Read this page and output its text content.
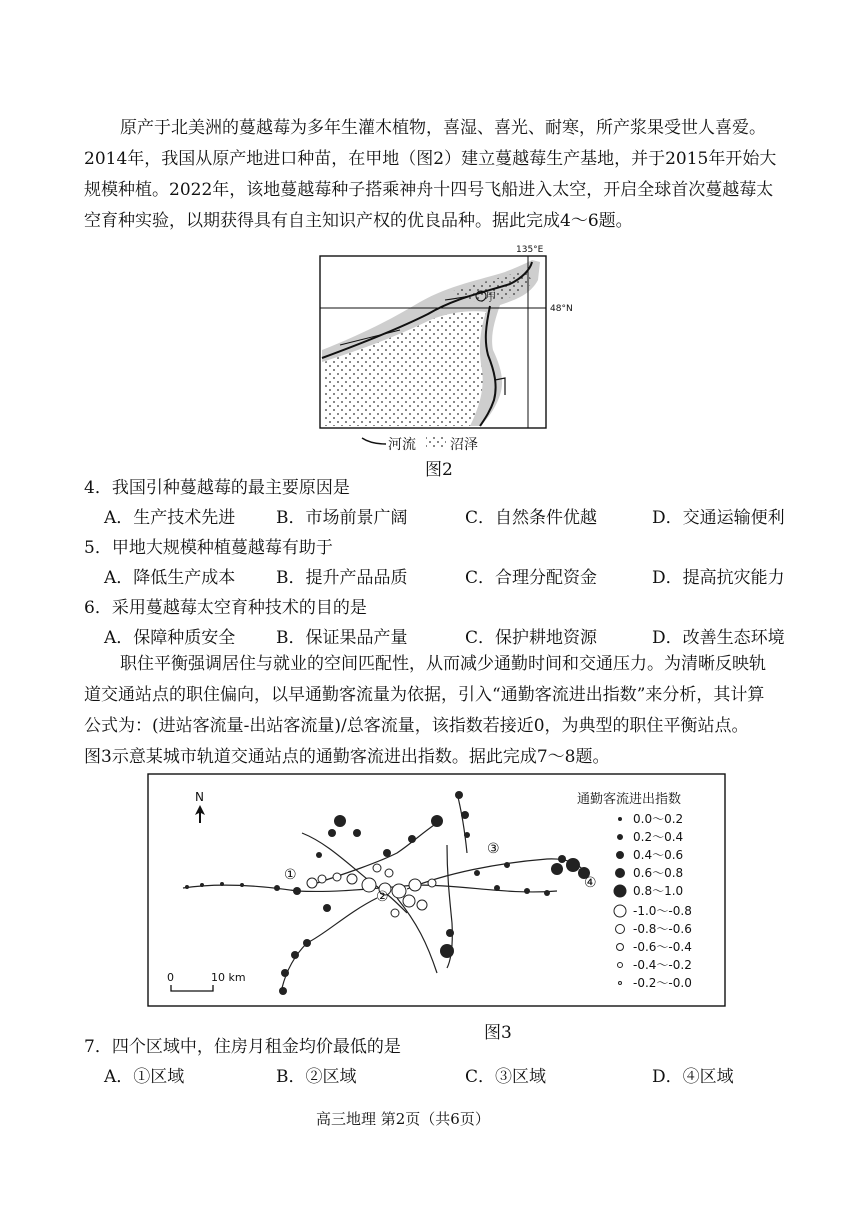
原产于北美洲的蔓越莓为多年生灌木植物，喜湿、喜光、耐寒，所产浆果受世人喜爱。
2014年，我国从原产地进口种苗，在甲地（图2）建立蔓越莓生产基地，并于2015年开始大
规模种植。2022年，该地蔓越莓种子搭乘神舟十四号飞船进入太空，开启全球首次蔓越莓太
空育种实验，以期获得具有自主知识产权的优良品种。据此完成4～6题。
135°E
48°N
甲
河流 沼泽
图2
4．我国引种蔓越莓的最主要原因是
A．生产技术先进 B．市场前景广阔	C．自然条件优越	D．交通运输便利
5．甲地大规模种植蔓越莓有助于
A．降低生产成本 B．提升产品品质	C．合理分配资金	D．提高抗灾能力
6．采用蔓越莓太空育种技术的目的是
A．保障种质安全 B．保证果品产量	C．保护耕地资源	D．改善生态环境
职住平衡强调居住与就业的空间匹配性，从而减少通勤时间和交通压力。为清晰反映轨
道交通站点的职住偏向，以早通勤客流量为依据，引入“通勤客流进出指数”来分析，其计算
公式为：(进站客流量-出站客流量)/总客流量，该指数若接近0，为典型的职住平衡站点。
图3示意某城市轨道交通站点的通勤客流进出指数。据此完成7～8题。
N
0	10 km
①
②
③
④
通勤客流进出指数
0.0～0.2
0.2～0.4
0.4～0.6
0.6～0.8
0.8～1.0
-1.0～-0.8
-0.8～-0.6
-0.6～-0.4
-0.4～-0.2
-0.2～-0.0
图3
7．四个区域中，住房月租金均价最低的是
A．①区域	B．②区域	C．③区域	D．④区域
高三地理 第2页（共6页）
